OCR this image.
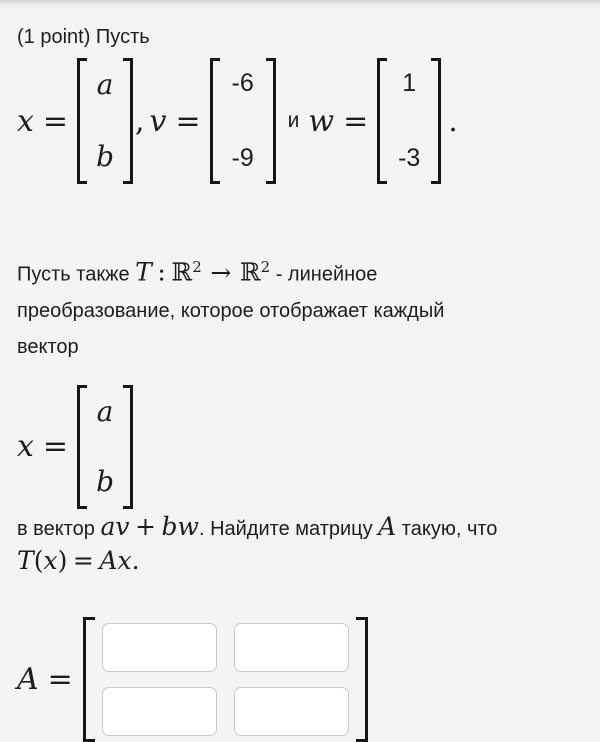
(1 point) Пусть

x =
a
b
, v =
-6
-9
и w =
1
-3
.

Пусть также T : ℝ$^2$ → ℝ$^2$ - линейное
преобразование, которое отображает каждый
вектор

x =
a
b

в вектор av + bw. Найдите матрицу A такую, что
T(x) = Ax.

A =
